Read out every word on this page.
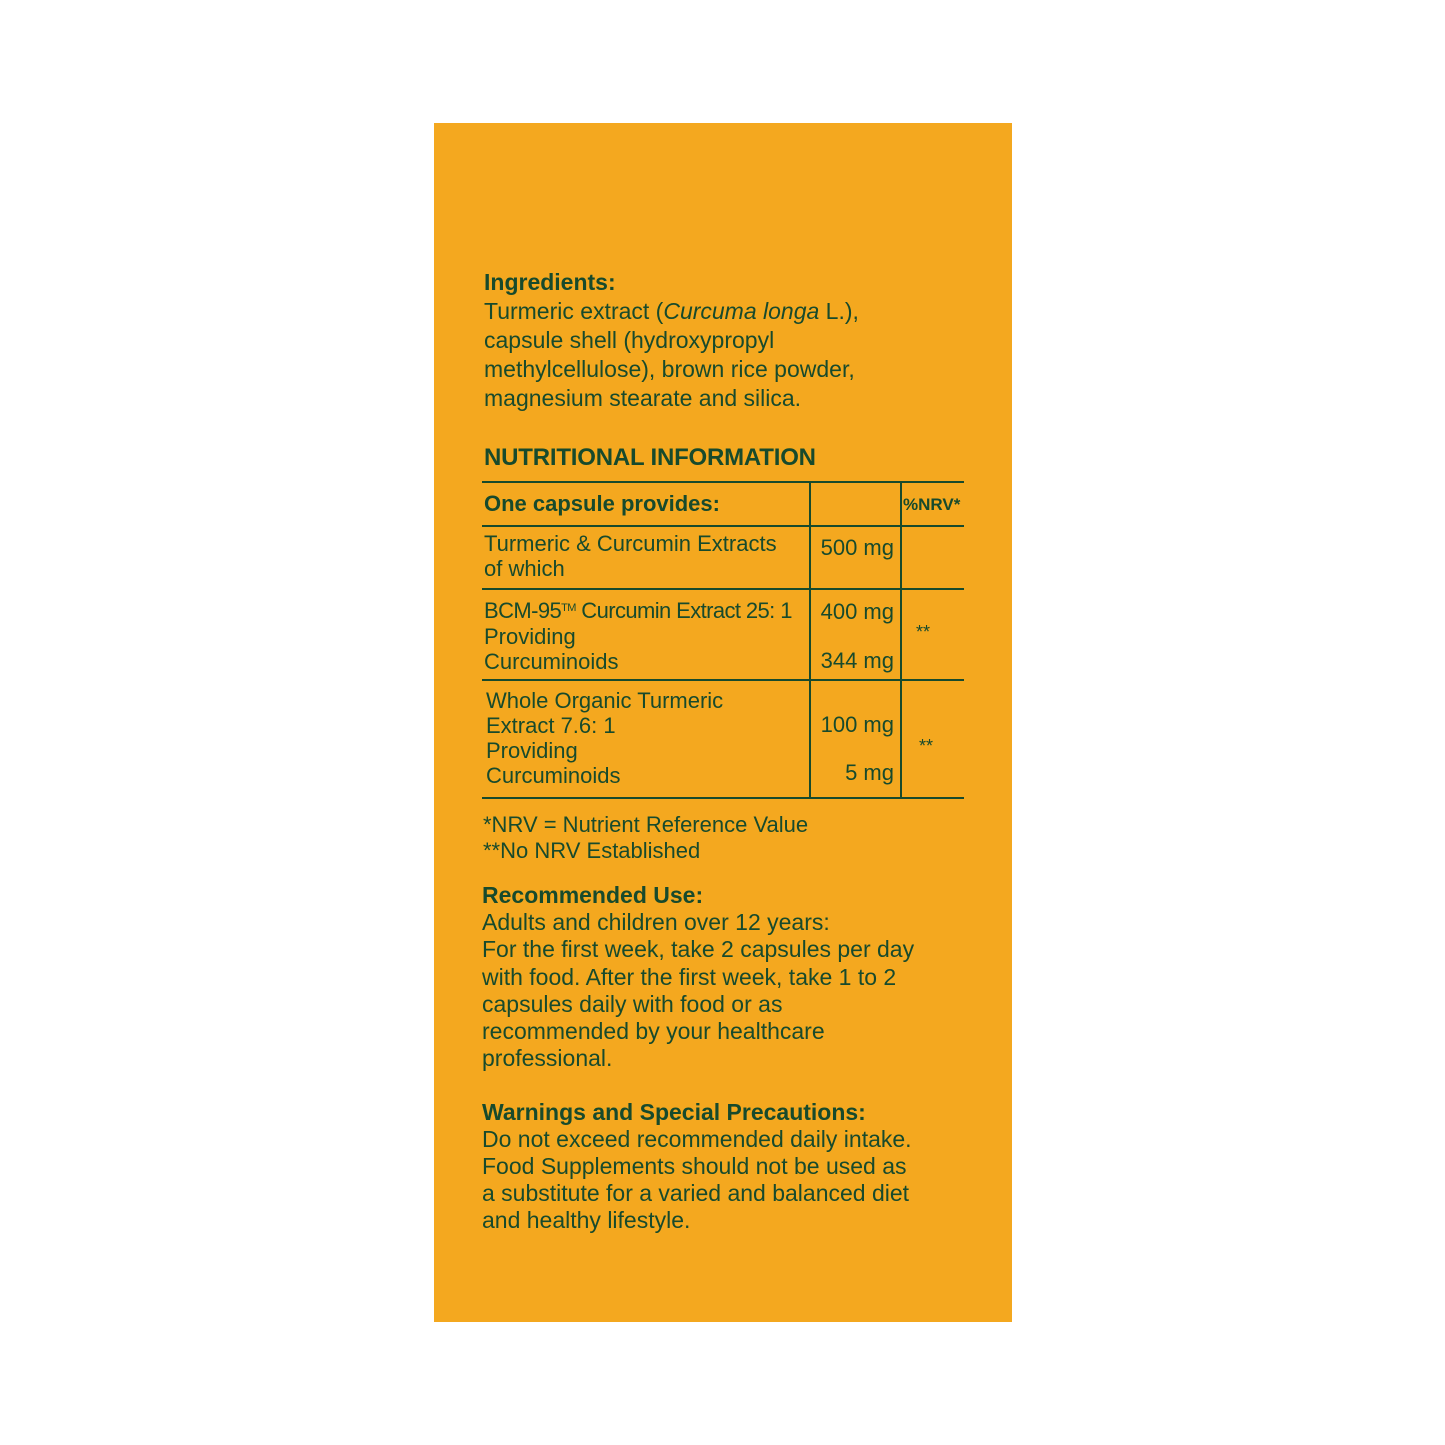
Ingredients:
Turmeric extract (Curcuma longa L.),
capsule shell (hydroxypropyl
methylcellulose), brown rice powder,
magnesium stearate and silica.
NUTRITIONAL INFORMATION
One capsule provides:	%NRV*
Turmeric & Curcumin Extracts
of which
500 mg
BCM-95™ Curcumin Extract 25: 1
Providing
Curcuminoids
400 mg
344 mg
**
Whole Organic Turmeric
Extract 7.6: 1
Providing
Curcuminoids
100 mg
5 mg
**
*NRV = Nutrient Reference Value
**No NRV Established
Recommended Use:
Adults and children over 12 years:
For the first week, take 2 capsules per day
with food. After the first week, take 1 to 2
capsules daily with food or as
recommended by your healthcare
professional.
Warnings and Special Precautions:
Do not exceed recommended daily intake.
Food Supplements should not be used as
a substitute for a varied and balanced diet
and healthy lifestyle.
